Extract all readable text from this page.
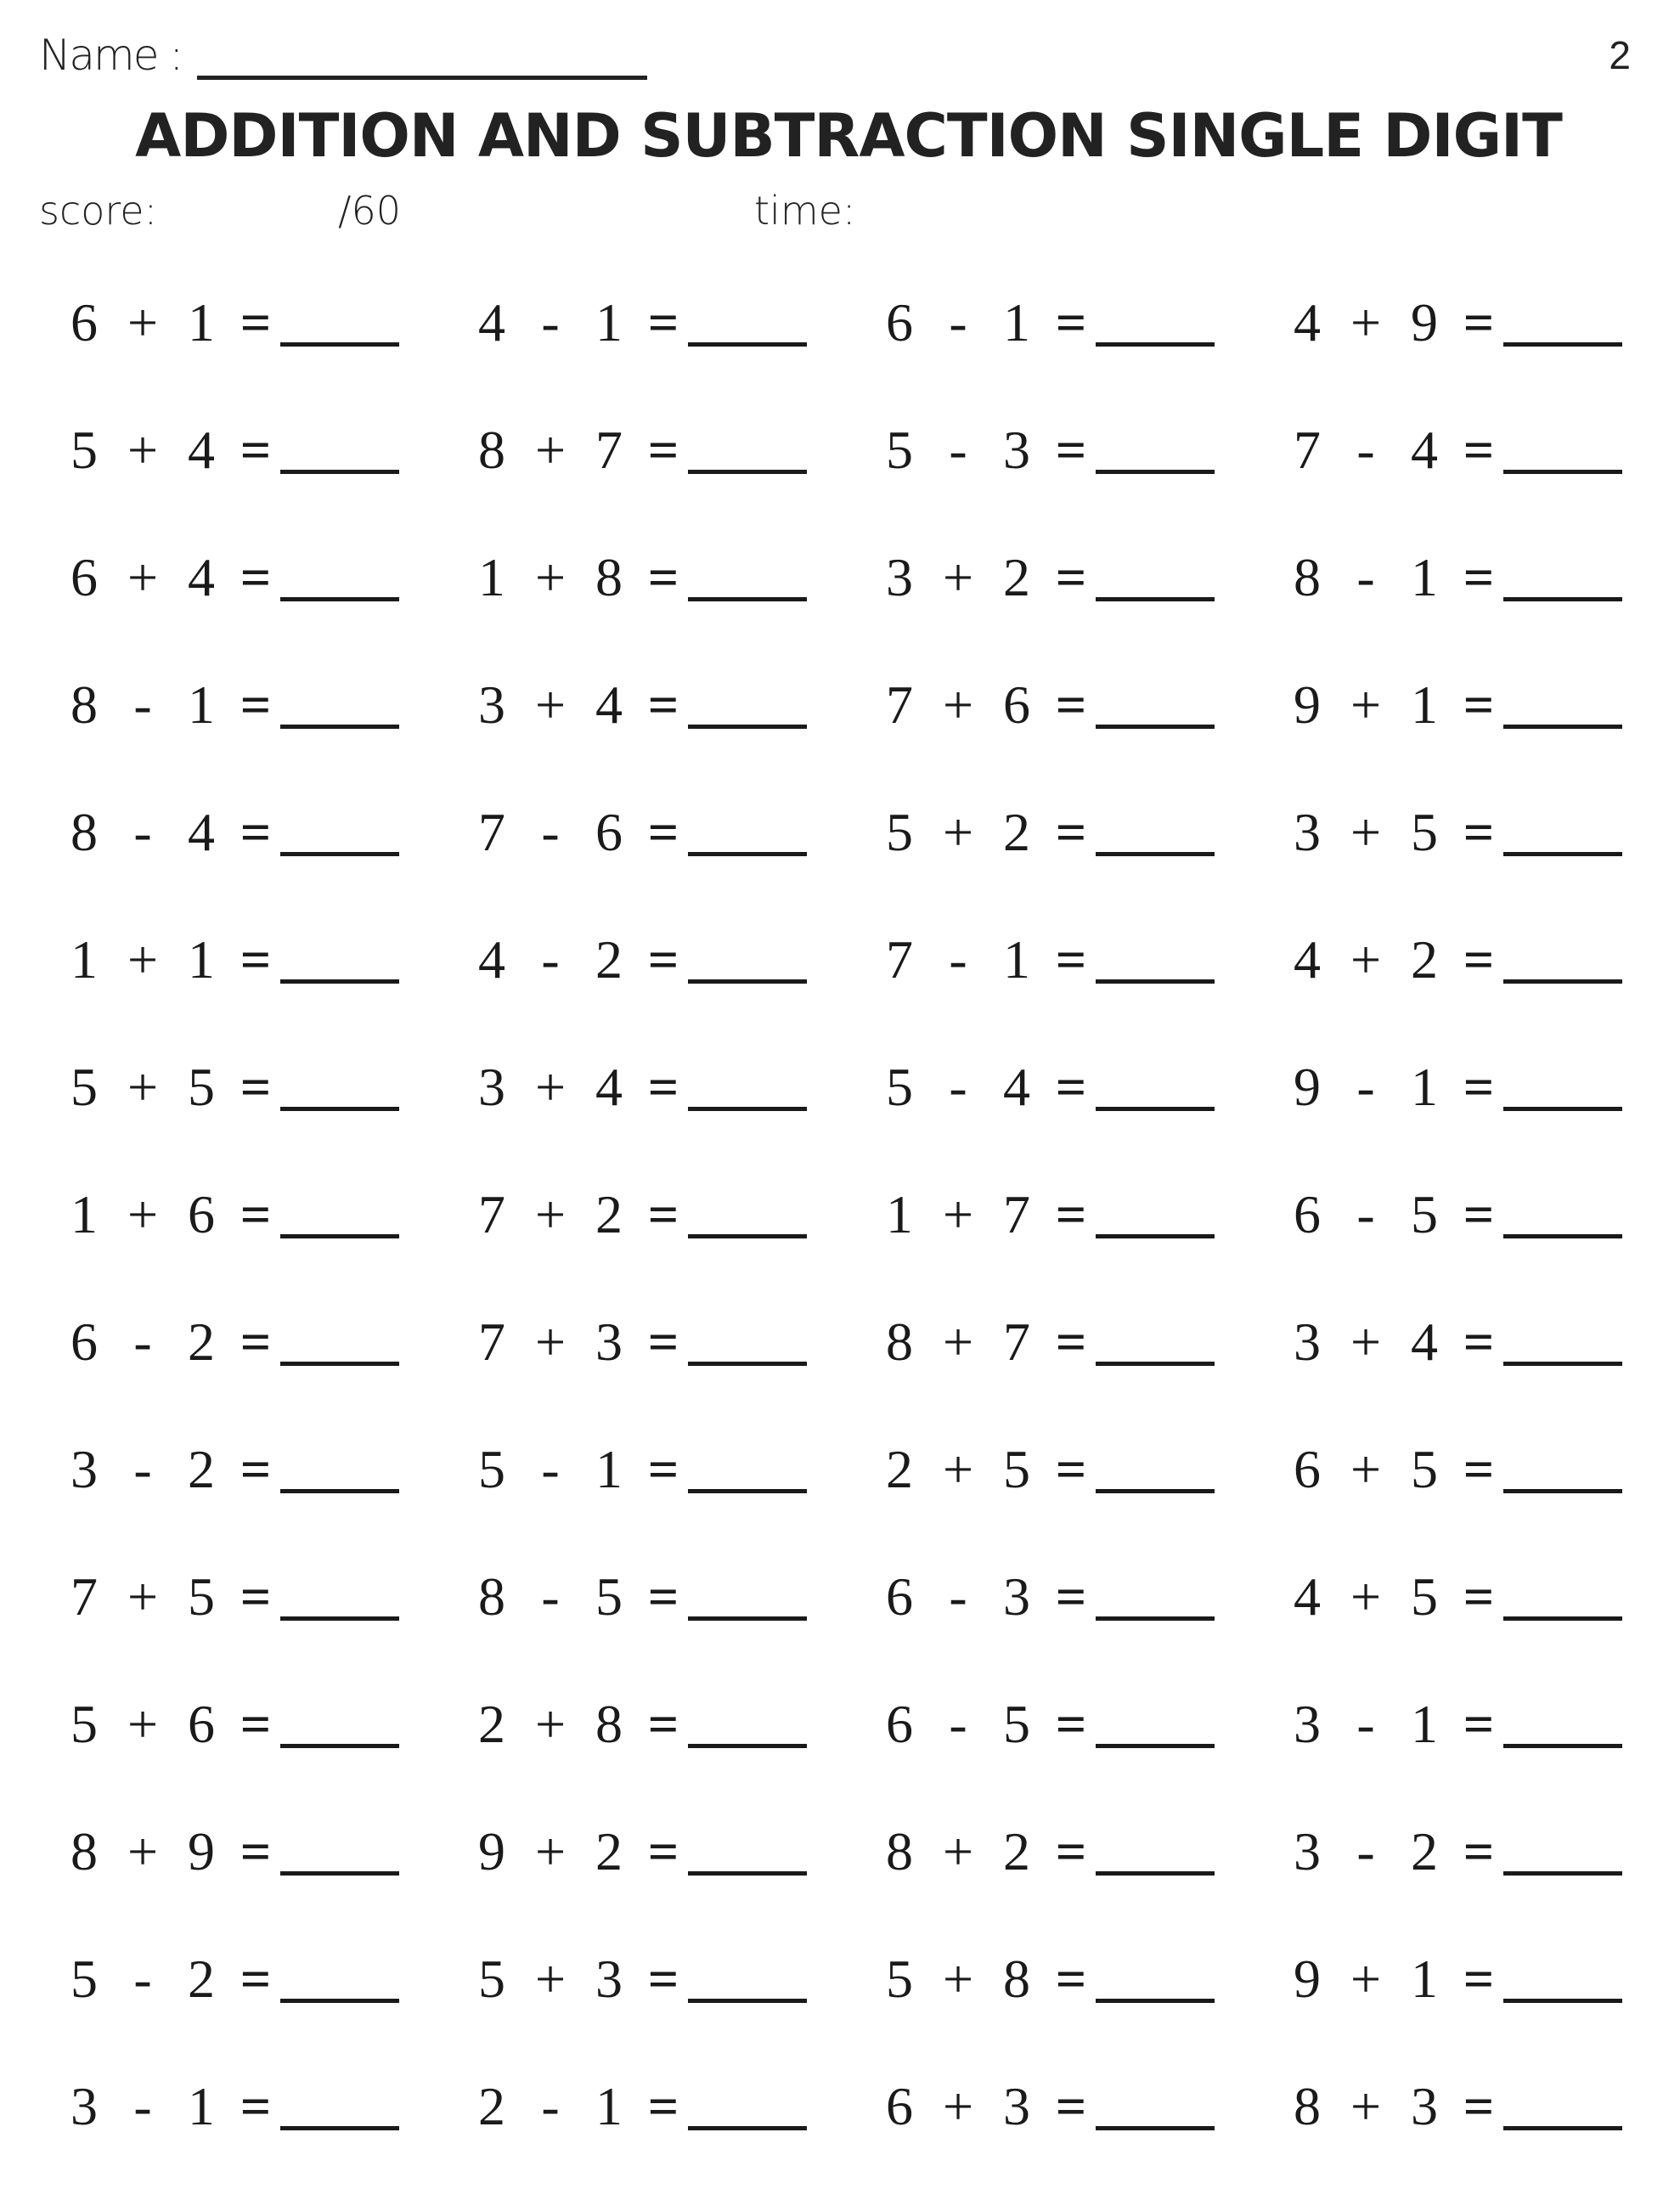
Name :	2
ADDITION AND SUBTRACTION SINGLE DIGIT
score:	/60	time:
6 + 1 =	4 - 1 =	6 - 1 =	4 + 9 =
5 + 4 =	8 + 7 =	5 - 3 =	7 - 4 =
6 + 4 =	1 + 8 =	3 + 2 =	8 - 1 =
8 - 1 =	3 + 4 =	7 + 6 =	9 + 1 =
8 - 4 =	7 - 6 =	5 + 2 =	3 + 5 =
1 + 1 =	4 - 2 =	7 - 1 =	4 + 2 =
5 + 5 =	3 + 4 =	5 - 4 =	9 - 1 =
1 + 6 =	7 + 2 =	1 + 7 =	6 - 5 =
6 - 2 =	7 + 3 =	8 + 7 =	3 + 4 =
3 - 2 =	5 - 1 =	2 + 5 =	6 + 5 =
7 + 5 =	8 - 5 =	6 - 3 =	4 + 5 =
5 + 6 =	2 + 8 =	6 - 5 =	3 - 1 =
8 + 9 =	9 + 2 =	8 + 2 =	3 - 2 =
5 - 2 =	5 + 3 =	5 + 8 =	9 + 1 =
3 - 1 =	2 - 1 =	6 + 3 =	8 + 3 =
